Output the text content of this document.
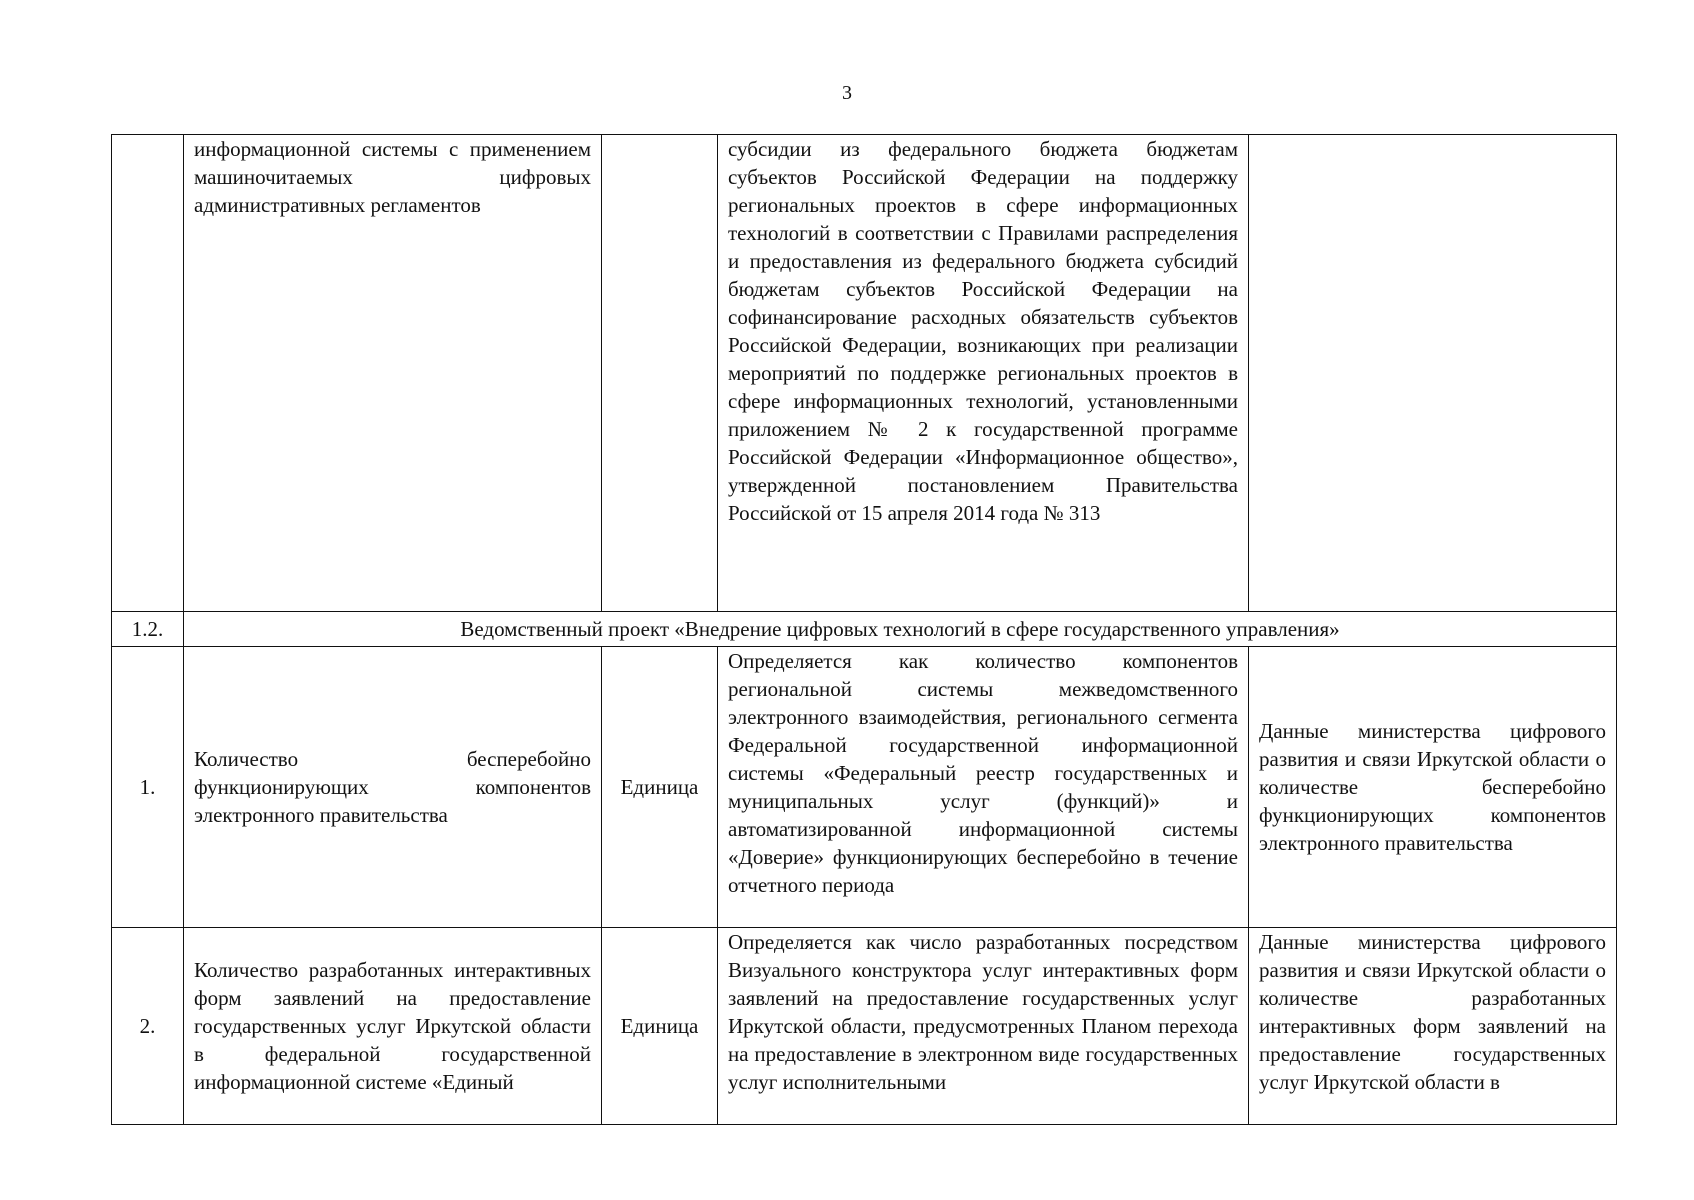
3
	информационной системы с применением машиночитаемых цифровых административных регламентов		субсидии из федерального бюджета бюджетам субъектов Российской Федерации на поддержку региональных проектов в сфере информационных технологий в соответствии с Правилами распределения и предоставления из федерального бюджета субсидий бюджетам субъектов Российской Федерации на софинансирование расходных обязательств субъектов Российской Федерации, возникающих при реализации мероприятий по поддержке региональных проектов в сфере информационных технологий, установленными приложением № 2 к государственной программе Российской Федерации «Информационное общество», утвержденной постановлением Правительства Российской от 15 апреля 2014 года № 313	
1.2.	Ведомственный проект «Внедрение цифровых технологий в сфере государственного управления»			
1.	Количество бесперебойно функционирующих компонентов электронного правительства	Единица	Определяется как количество компонентов региональной системы межведомственного электронного взаимодействия, регионального сегмента Федеральной государственной информационной системы «Федеральный реестр государственных и муниципальных услуг (функций)» и автоматизированной информационной системы «Доверие» функционирующих бесперебойно в течение отчетного периода	Данные министерства цифрового развития и связи Иркутской области о количестве бесперебойно функционирующих компонентов электронного правительства
2.	Количество разработанных интерактивных форм заявлений на предоставление государственных услуг Иркутской области в федеральной государственной информационной системе «Единый	Единица	Определяется как число разработанных посредством Визуального конструктора услуг интерактивных форм заявлений на предоставление государственных услуг Иркутской области, предусмотренных Планом перехода на предоставление в электронном виде государственных услуг исполнительными	Данные министерства цифрового развития и связи Иркутской области о количестве разработанных интерактивных форм заявлений на предоставление государственных услуг Иркутской области в
